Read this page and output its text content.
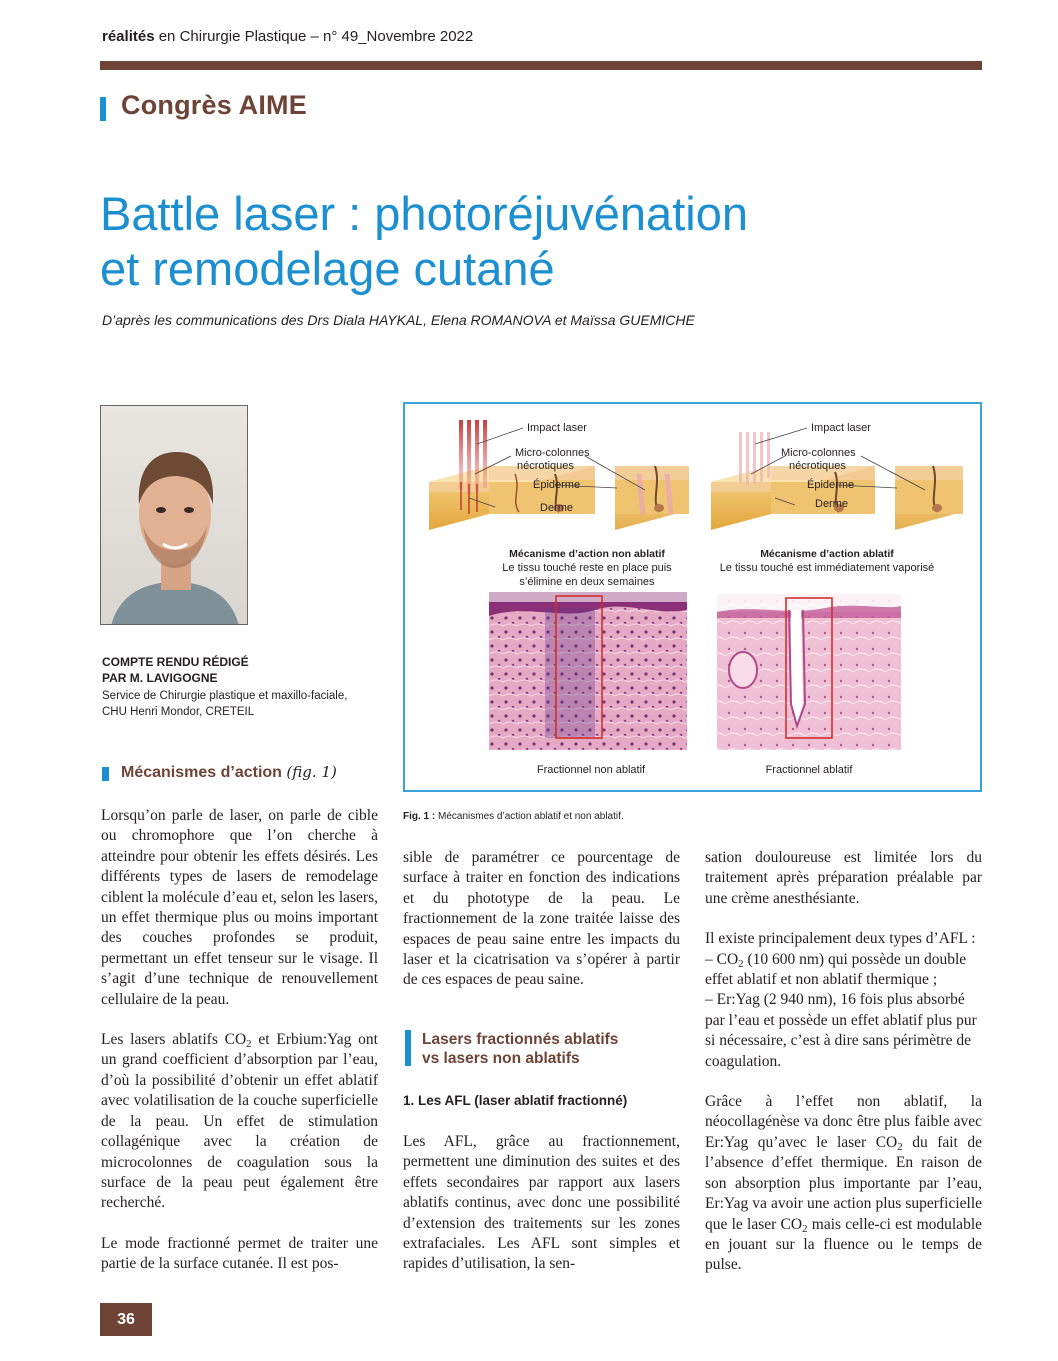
réalités en Chirurgie Plastique – n° 49_Novembre 2022
Congrès AIME
Battle laser : photoréjuvénation
et remodelage cutané
D’après les communications des Drs Diala HAYKAL, Elena ROMANOVA et Maïssa GUEMICHE
COMPTE RENDU RÉDIGÉ
PAR M. LAVIGOGNE
Service de Chirurgie plastique et maxillo-faciale,
CHU Henri Mondor, CRETEIL
Mécanismes d’action (fig. 1)

Lorsqu’on parle de laser, on parle de cible ou chromophore que l’on cherche à atteindre pour obtenir les effets désirés. Les différents types de lasers de remodelage ciblent la molécule d’eau et, selon les lasers, un effet thermique plus ou moins important des couches profondes se produit, permettant un effet tenseur sur le visage. Il s’agit d’une technique de renouvellement cellulaire de la peau.

Les lasers ablatifs $CO_2$ et Erbium:Yag ont un grand coefficient d’absorption par l’eau, d’où la possibilité d’obtenir un effet ablatif avec volatilisation de la couche superficielle de la peau. Un effet de stimulation collagénique avec la création de microcolonnes de coagulation sous la surface de la peau peut également être recherché.

Le mode fractionné permet de traiter une partie de la surface cutanée. Il est pos-

sible de paramétrer ce pourcentage de surface à traiter en fonction des indications et du phototype de la peau. Le fractionnement de la zone traitée laisse des espaces de peau saine entre les impacts du laser et la cicatrisation va s’opérer à partir de ces espaces de peau saine.

Lasers fractionnés ablatifs
vs lasers non ablatifs
1. Les AFL (laser ablatif fractionné)

Les AFL, grâce au fractionnement, permettent une diminution des suites et des effets secondaires par rapport aux lasers ablatifs continus, avec donc une possibilité d’extension des traitements sur les zones extrafaciales. Les AFL sont simples et rapides d’utilisation, la sen-

sation douloureuse est limitée lors du traitement après préparation préalable par une crème anesthésiante.

Il existe principalement deux types d’AFL :
– $CO_2$ (10 600 nm) qui possède un double effet ablatif et non ablatif thermique ;
– Er:Yag (2 940 nm), 16 fois plus absorbé par l’eau et possède un effet ablatif plus pur si nécessaire, c’est à dire sans périmètre de coagulation.

Grâce à l’effet non ablatif, la néocollagénèse va donc être plus faible avec Er:Yag qu’avec le laser $CO_2$ du fait de l’absence d’effet thermique. En raison de son absorption plus importante par l’eau, Er:Yag va avoir une action plus superficielle que le laser $CO_2$ mais celle-ci est modulable en jouant sur la fluence ou le temps de pulse.

Impact laser
Micro-colonnes
nécrotiques
Épiderme
Derme
Mécanisme d’action non ablatif
Le tissu touché reste en place puis
s’élimine en deux semaines
Impact laser
Micro-colonnes
nécrotiques
Épiderme
Derme
Mécanisme d’action ablatif
Le tissu touché est immédiatement vaporisé
Fractionnel non ablatif	Fractionnel ablatif
Fig. 1 : Mécanismes d’action ablatif et non ablatif.
36
